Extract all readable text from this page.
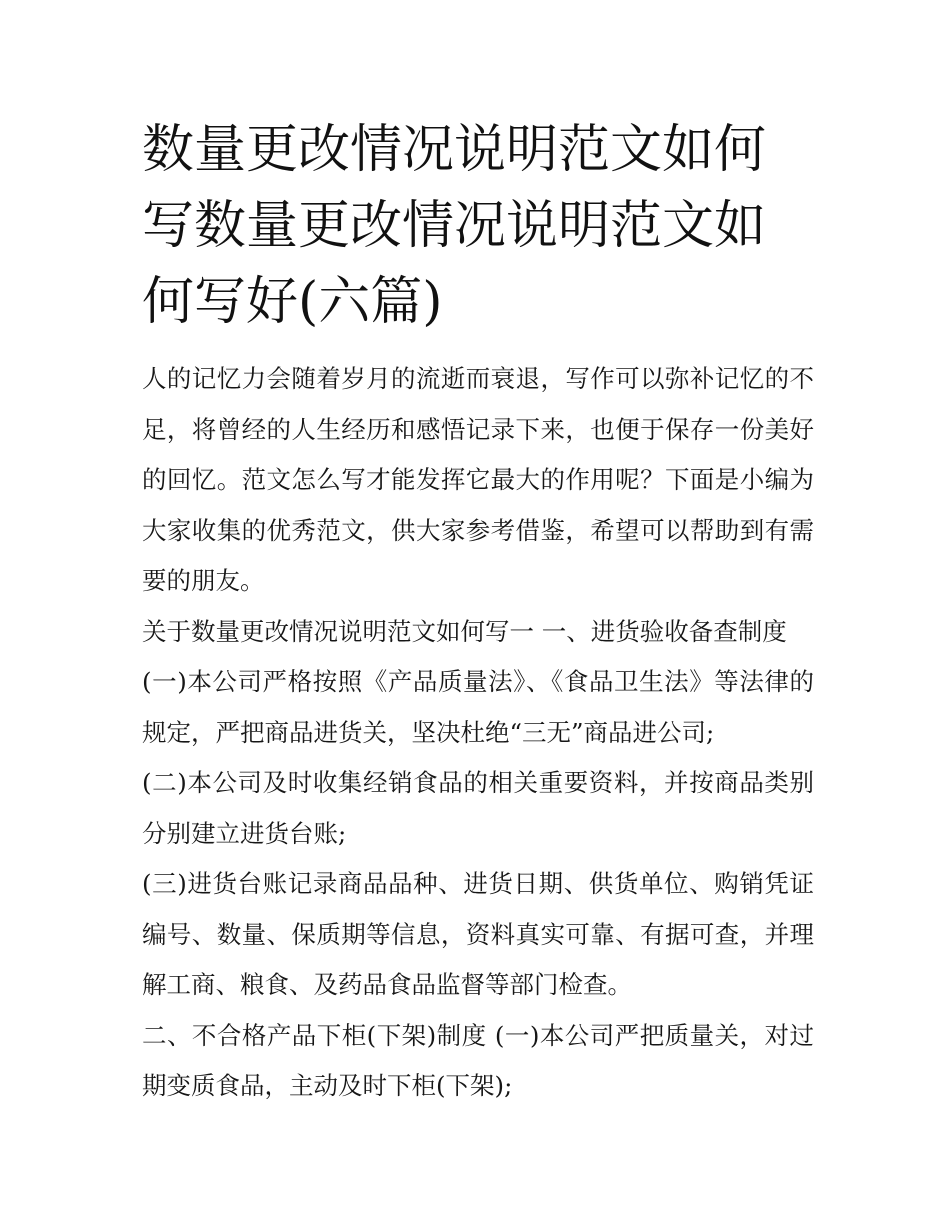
数量更改情况说明范文如何写数量更改情况说明范文如何写好(六篇)

人的记忆力会随着岁月的流逝而衰退，写作可以弥补记忆的不足，将曾经的人生经历和感悟记录下来，也便于保存一份美好的回忆。范文怎么写才能发挥它最大的作用呢？下面是小编为大家收集的优秀范文，供大家参考借鉴，希望可以帮助到有需要的朋友。

关于数量更改情况说明范文如何写一 一、进货验收备查制度

(一)本公司严格按照《产品质量法》、《食品卫生法》等法律的规定，严把商品进货关，坚决杜绝“三无”商品进公司;

(二)本公司及时收集经销食品的相关重要资料，并按商品类别分别建立进货台账;

(三)进货台账记录商品品种、进货日期、供货单位、购销凭证编号、数量、保质期等信息，资料真实可靠、有据可查，并理解工商、粮食、及药品食品监督等部门检查。

二、不合格产品下柜(下架)制度 (一)本公司严把质量关，对过期变质食品，主动及时下柜(下架);
